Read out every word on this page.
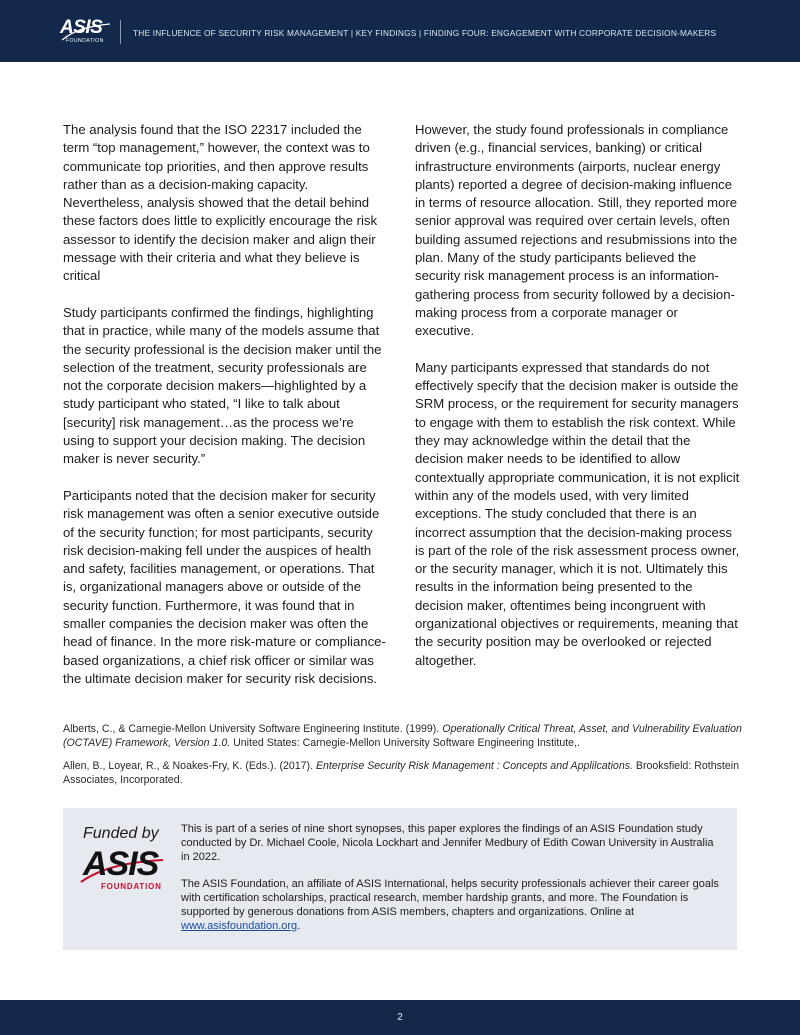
ASIS
FOUNDATION
THE INFLUENCE OF SECURITY RISK MANAGEMENT | KEY FINDINGS | FINDING FOUR: ENGAGEMENT WITH CORPORATE DECISION-MAKERS

The analysis found that the ISO 22317 included the term “top management,” however, the context was to communicate top priorities, and then approve results rather than as a decision-making capacity. Nevertheless, analysis showed that the detail behind these factors does little to explicitly encourage the risk assessor to identify the decision maker and align their message with their criteria and what they believe is critical

Study participants confirmed the findings, highlighting that in practice, while many of the models assume that the security professional is the decision maker until the selection of the treatment, security professionals are not the corporate decision makers—highlighted by a study participant who stated, “I like to talk about [security] risk management…as the process we’re using to support your decision making. The decision maker is never security.”

Participants noted that the decision maker for security risk management was often a senior executive outside of the security function; for most participants, security risk decision-making fell under the auspices of health and safety, facilities management, or operations. That is, organizational managers above or outside of the security function. Furthermore, it was found that in smaller companies the decision maker was often the head of finance. In the more risk-mature or compliance-based organizations, a chief risk officer or similar was the ultimate decision maker for security risk decisions.

However, the study found professionals in compliance driven (e.g., financial services, banking) or critical infrastructure environments (airports, nuclear energy plants) reported a degree of decision-making influence in terms of resource allocation. Still, they reported more senior approval was required over certain levels, often building assumed rejections and resubmissions into the plan. Many of the study participants believed the security risk management process is an information-gathering process from security followed by a decision-making process from a corporate manager or executive.

Many participants expressed that standards do not effectively specify that the decision maker is outside the SRM process, or the requirement for security managers to engage with them to establish the risk context. While they may acknowledge within the detail that the decision maker needs to be identified to allow contextually appropriate communication, it is not explicit within any of the models used, with very limited exceptions. The study concluded that there is an incorrect assumption that the decision-making process is part of the role of the risk assessment process owner, or the security manager, which it is not. Ultimately this results in the information being presented to the decision maker, oftentimes being incongruent with organizational objectives or requirements, meaning that the security position may be overlooked or rejected altogether.

Alberts, C., & Carnegie-Mellon University Software Engineering Institute. (1999). Operationally Critical Threat, Asset, and Vulnerability Evaluation (OCTAVE) Framework, Version 1.0. United States: Carnegie-Mellon University Software Engineering Institute,.

Allen, B., Loyear, R., & Noakes-Fry, K. (Eds.). (2017). Enterprise Security Risk Management : Concepts and Applilcations. Brooksfield: Rothstein Associates, Incorporated.

Funded by
ASIS
FOUNDATION

This is part of a series of nine short synopses, this paper explores the findings of an ASIS Foundation study conducted by Dr. Michael Coole, Nicola Lockhart and Jennifer Medbury of Edith Cowan University in Australia in 2022.

The ASIS Foundation, an affiliate of ASIS International, helps security professionals achiever their career goals with certification scholarships, practical research, member hardship grants, and more. The Foundation is supported by generous donations from ASIS members, chapters and organizations. Online at www.asisfoundation.org.

2
